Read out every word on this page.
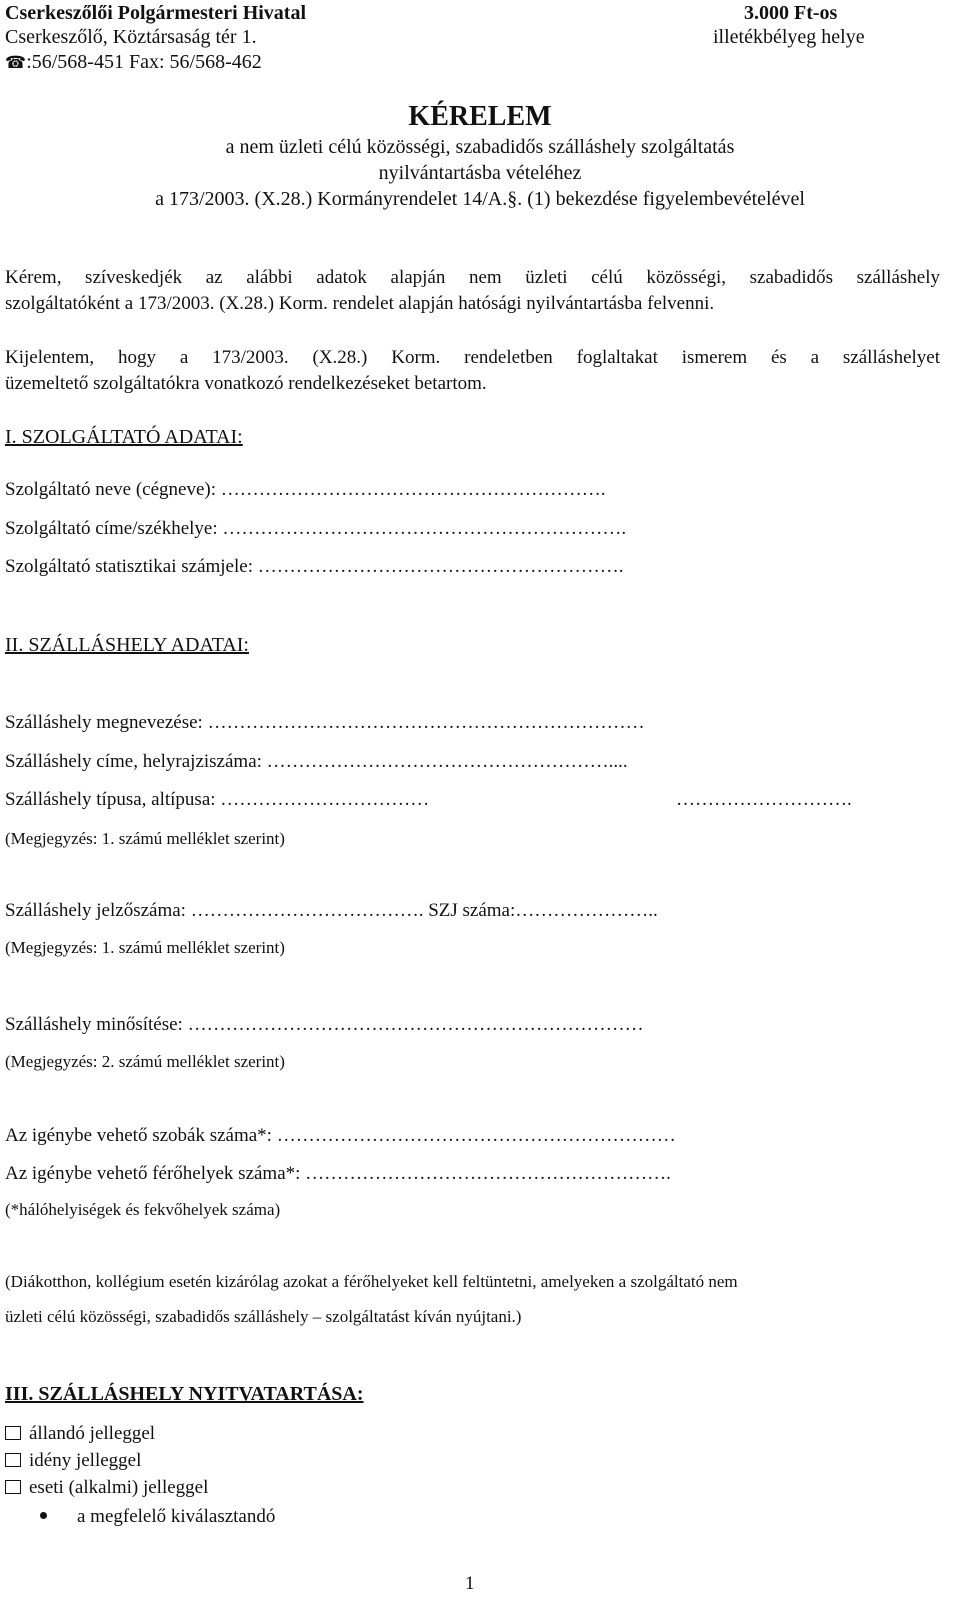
Cserkeszőlői Polgármesteri Hivatal
Cserkeszőlő, Köztársaság tér 1.
☎:56/568-451 Fax: 56/568-462
3.000 Ft-os
illetékbélyeg helye
KÉRELEM
a nem üzleti célú közösségi, szabadidős szálláshely szolgáltatás
nyilvántartásba vételéhez
a 173/2003. (X.28.) Kormányrendelet 14/A.§. (1) bekezdése figyelembevételével
Kérem, szíveskedjék az alábbi adatok alapján nem üzleti célú közösségi, szabadidős szálláshely
szolgáltatóként a 173/2003. (X.28.) Korm. rendelet alapján hatósági nyilvántartásba felvenni.
Kijelentem, hogy a 173/2003. (X.28.) Korm. rendeletben foglaltakat ismerem és a szálláshelyet
üzemeltető szolgáltatókra vonatkozó rendelkezéseket betartom.
I. SZOLGÁLTATÓ ADATAI:
Szolgáltató neve (cégneve): …………………………………………………….
Szolgáltató címe/székhelye: ……………………………………………………….
Szolgáltató statisztikai számjele: ………………………………………………….
II. SZÁLLÁSHELY ADATAI:
Szálláshely megnevezése: ……………………………………………………………
Szálláshely címe, helyrajziszáma: ………………………………………………....
Szálláshely típusa, altípusa: ……………………………	……………………….
(Megjegyzés: 1. számú melléklet szerint)
Szálláshely jelzőszáma: ………………………………. SZJ száma:…………………..
(Megjegyzés: 1. számú melléklet szerint)
Szálláshely minősítése: ………………………………………………………………
(Megjegyzés: 2. számú melléklet szerint)
Az igénybe vehető szobák száma*: ………………………………………………………
Az igénybe vehető férőhelyek száma*: ………………………………………………….
(*hálóhelyiségek és fekvőhelyek száma)
(Diákotthon, kollégium esetén kizárólag azokat a férőhelyeket kell feltüntetni, amelyeken a szolgáltató nem
üzleti célú közösségi, szabadidős szálláshely – szolgáltatást kíván nyújtani.)
III. SZÁLLÁSHELY NYITVATARTÁSA:
állandó jelleggel
idény jelleggel
eseti (alkalmi) jelleggel
a megfelelő kiválasztandó
1
